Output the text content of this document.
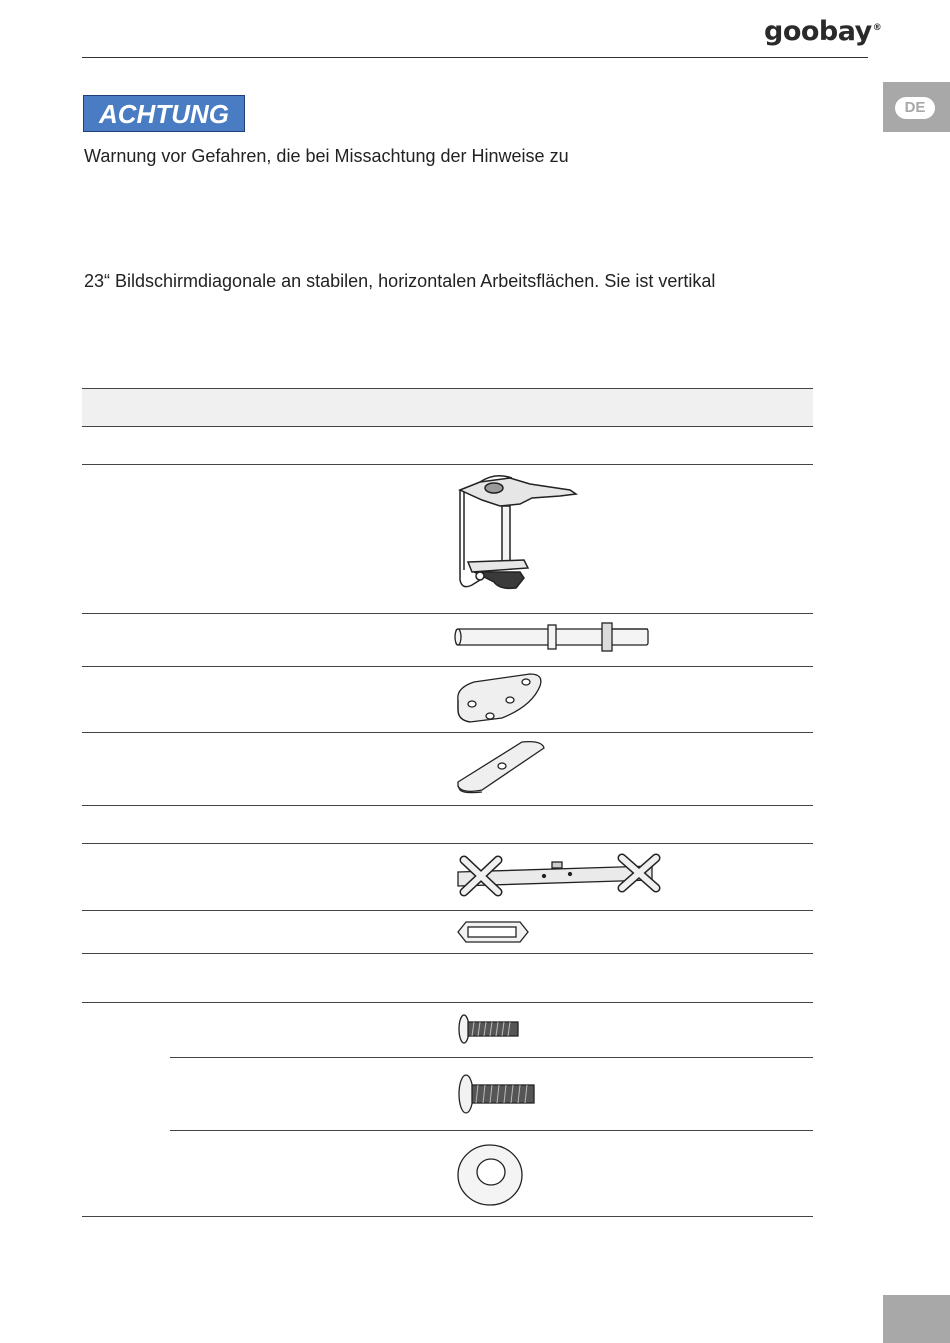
goobay®
DE
ACHTUNG
Warnung vor Gefahren, die bei Missachtung der Hinweise zu
23“ Bildschirmdiagonale an stabilen, horizontalen Arbeitsflächen. Sie ist vertikal
